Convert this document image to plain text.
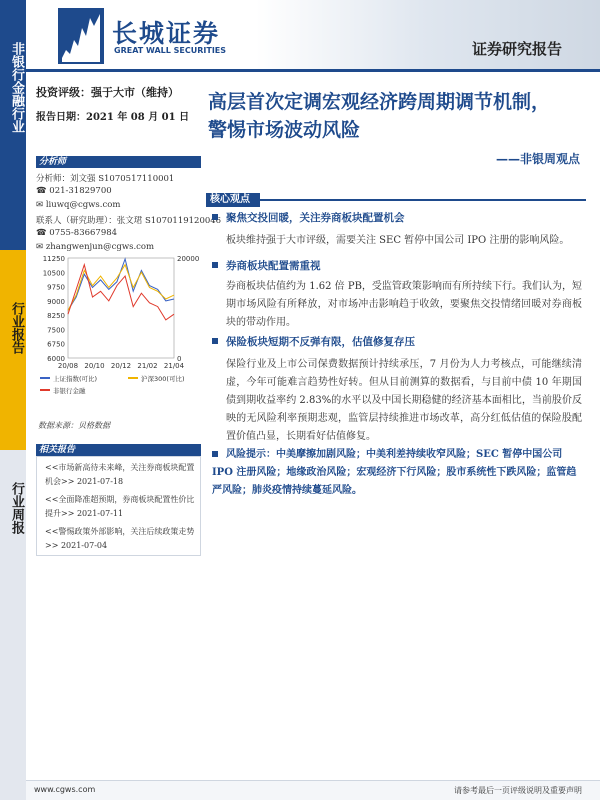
非银行金融行业
行业报告
行业周报
长城证券
GREAT WALL SECURITIES	证券研究报告
投资评级：强于大市（维持）
报告日期：2021 年 08 月 01 日
分析师
分析师：刘文强 S1070517110001
☎ 021-31829700
✉ liuwq@cgws.com
联系人（研究助理）：张文珺 S1070119120046
☎ 0755-83667984
✉ zhangwenjun@cgws.com
11250
10500
9750
9000
8250
7500
6750
6000
20000
0
20/08 20/10 20/12 21/02 21/04
上证指数(可比)	沪深300(可比)
非银行金融
数据来源：贝格数据
相关报告
<<市场新高待未来峰，关注券商板块配置机会>> 2021-07-18
<<全面降准超预期，券商板块配置性价比提升>> 2021-07-11
<<警惕政策外部影响，关注后续政策走势>> 2021-07-04
高层首次定调宏观经济跨周期调节机制，
警惕市场波动风险
——非银周观点
核心观点
聚焦交投回暖，关注券商板块配置机会
板块维持强于大市评级，需要关注 SEC 暂停中国公司 IPO 注册的影响风险。
券商板块配置需重视
券商板块估值约为 1.62 倍 PB，受监管政策影响而有所持续下行。我们认为，短期市场风险有所释放，对市场冲击影响趋于收敛，要聚焦交投情绪回暖对券商板块的带动作用。
保险板块短期不反弹有限，估值修复存压
保险行业及上市公司保费数据预计持续承压，7 月份为人力考核点，可能继续清虚，今年可能难言趋势性好转。但从目前测算的数据看，与目前中债 10 年期国债到期收益率约 2.83%的水平以及中国长期稳健的经济基本面相比，当前股价反映的无风险利率预期悲观，监管层持续推进市场改革，高分红低估值的保险股配置价值凸显，长期看好估值修复。
风险提示：中美摩擦加剧风险；中美利差持续收窄风险；SEC 暂停中国公司 IPO 注册风险；地缘政治风险；宏观经济下行风险；股市系统性下跌风险；监管趋严风险；肺炎疫情持续蔓延风险。
www.cgws.com	请参考最后一页评级说明及重要声明
